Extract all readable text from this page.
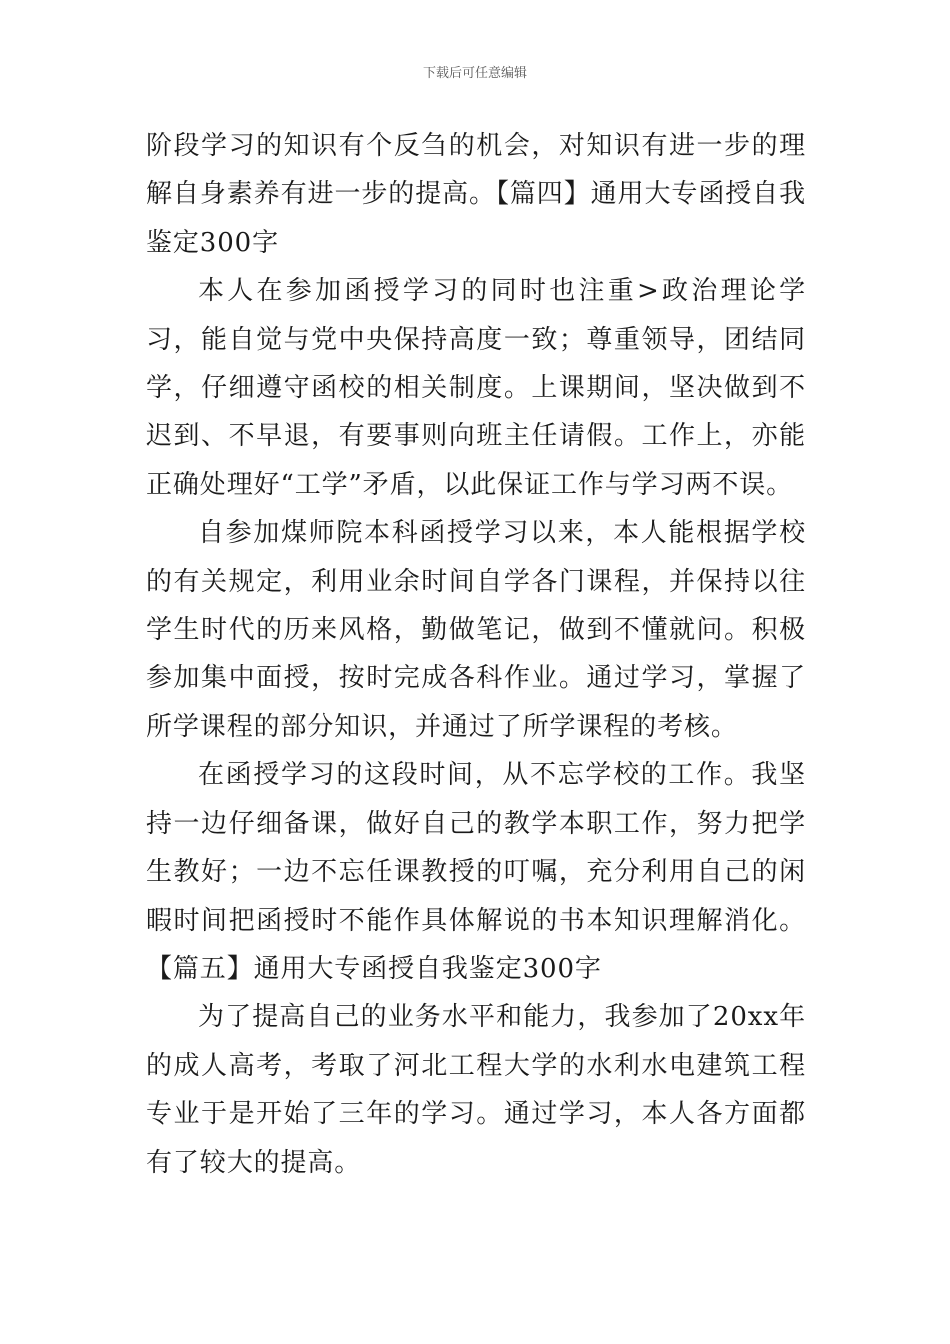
下载后可任意编辑

阶段学习的知识有个反刍的机会，对知识有进一步的理解自身素养有进一步的提高。【篇四】通用大专函授自我鉴定300字

本人在参加函授学习的同时也注重>政治理论学习，能自觉与党中央保持高度一致；尊重领导，团结同学，仔细遵守函校的相关制度。上课期间，坚决做到不迟到、不早退，有要事则向班主任请假。工作上，亦能正确处理好“工学”矛盾，以此保证工作与学习两不误。

自参加煤师院本科函授学习以来，本人能根据学校的有关规定，利用业余时间自学各门课程，并保持以往学生时代的历来风格，勤做笔记，做到不懂就问。积极参加集中面授，按时完成各科作业。通过学习，掌握了所学课程的部分知识，并通过了所学课程的考核。

在函授学习的这段时间，从不忘学校的工作。我坚持一边仔细备课，做好自己的教学本职工作，努力把学生教好；一边不忘任课教授的叮嘱，充分利用自己的闲暇时间把函授时不能作具体解说的书本知识理解消化。【篇五】通用大专函授自我鉴定300字

为了提高自己的业务水平和能力，我参加了20xx年的成人高考，考取了河北工程大学的水利水电建筑工程专业于是开始了三年的学习。通过学习，本人各方面都有了较大的提高。
